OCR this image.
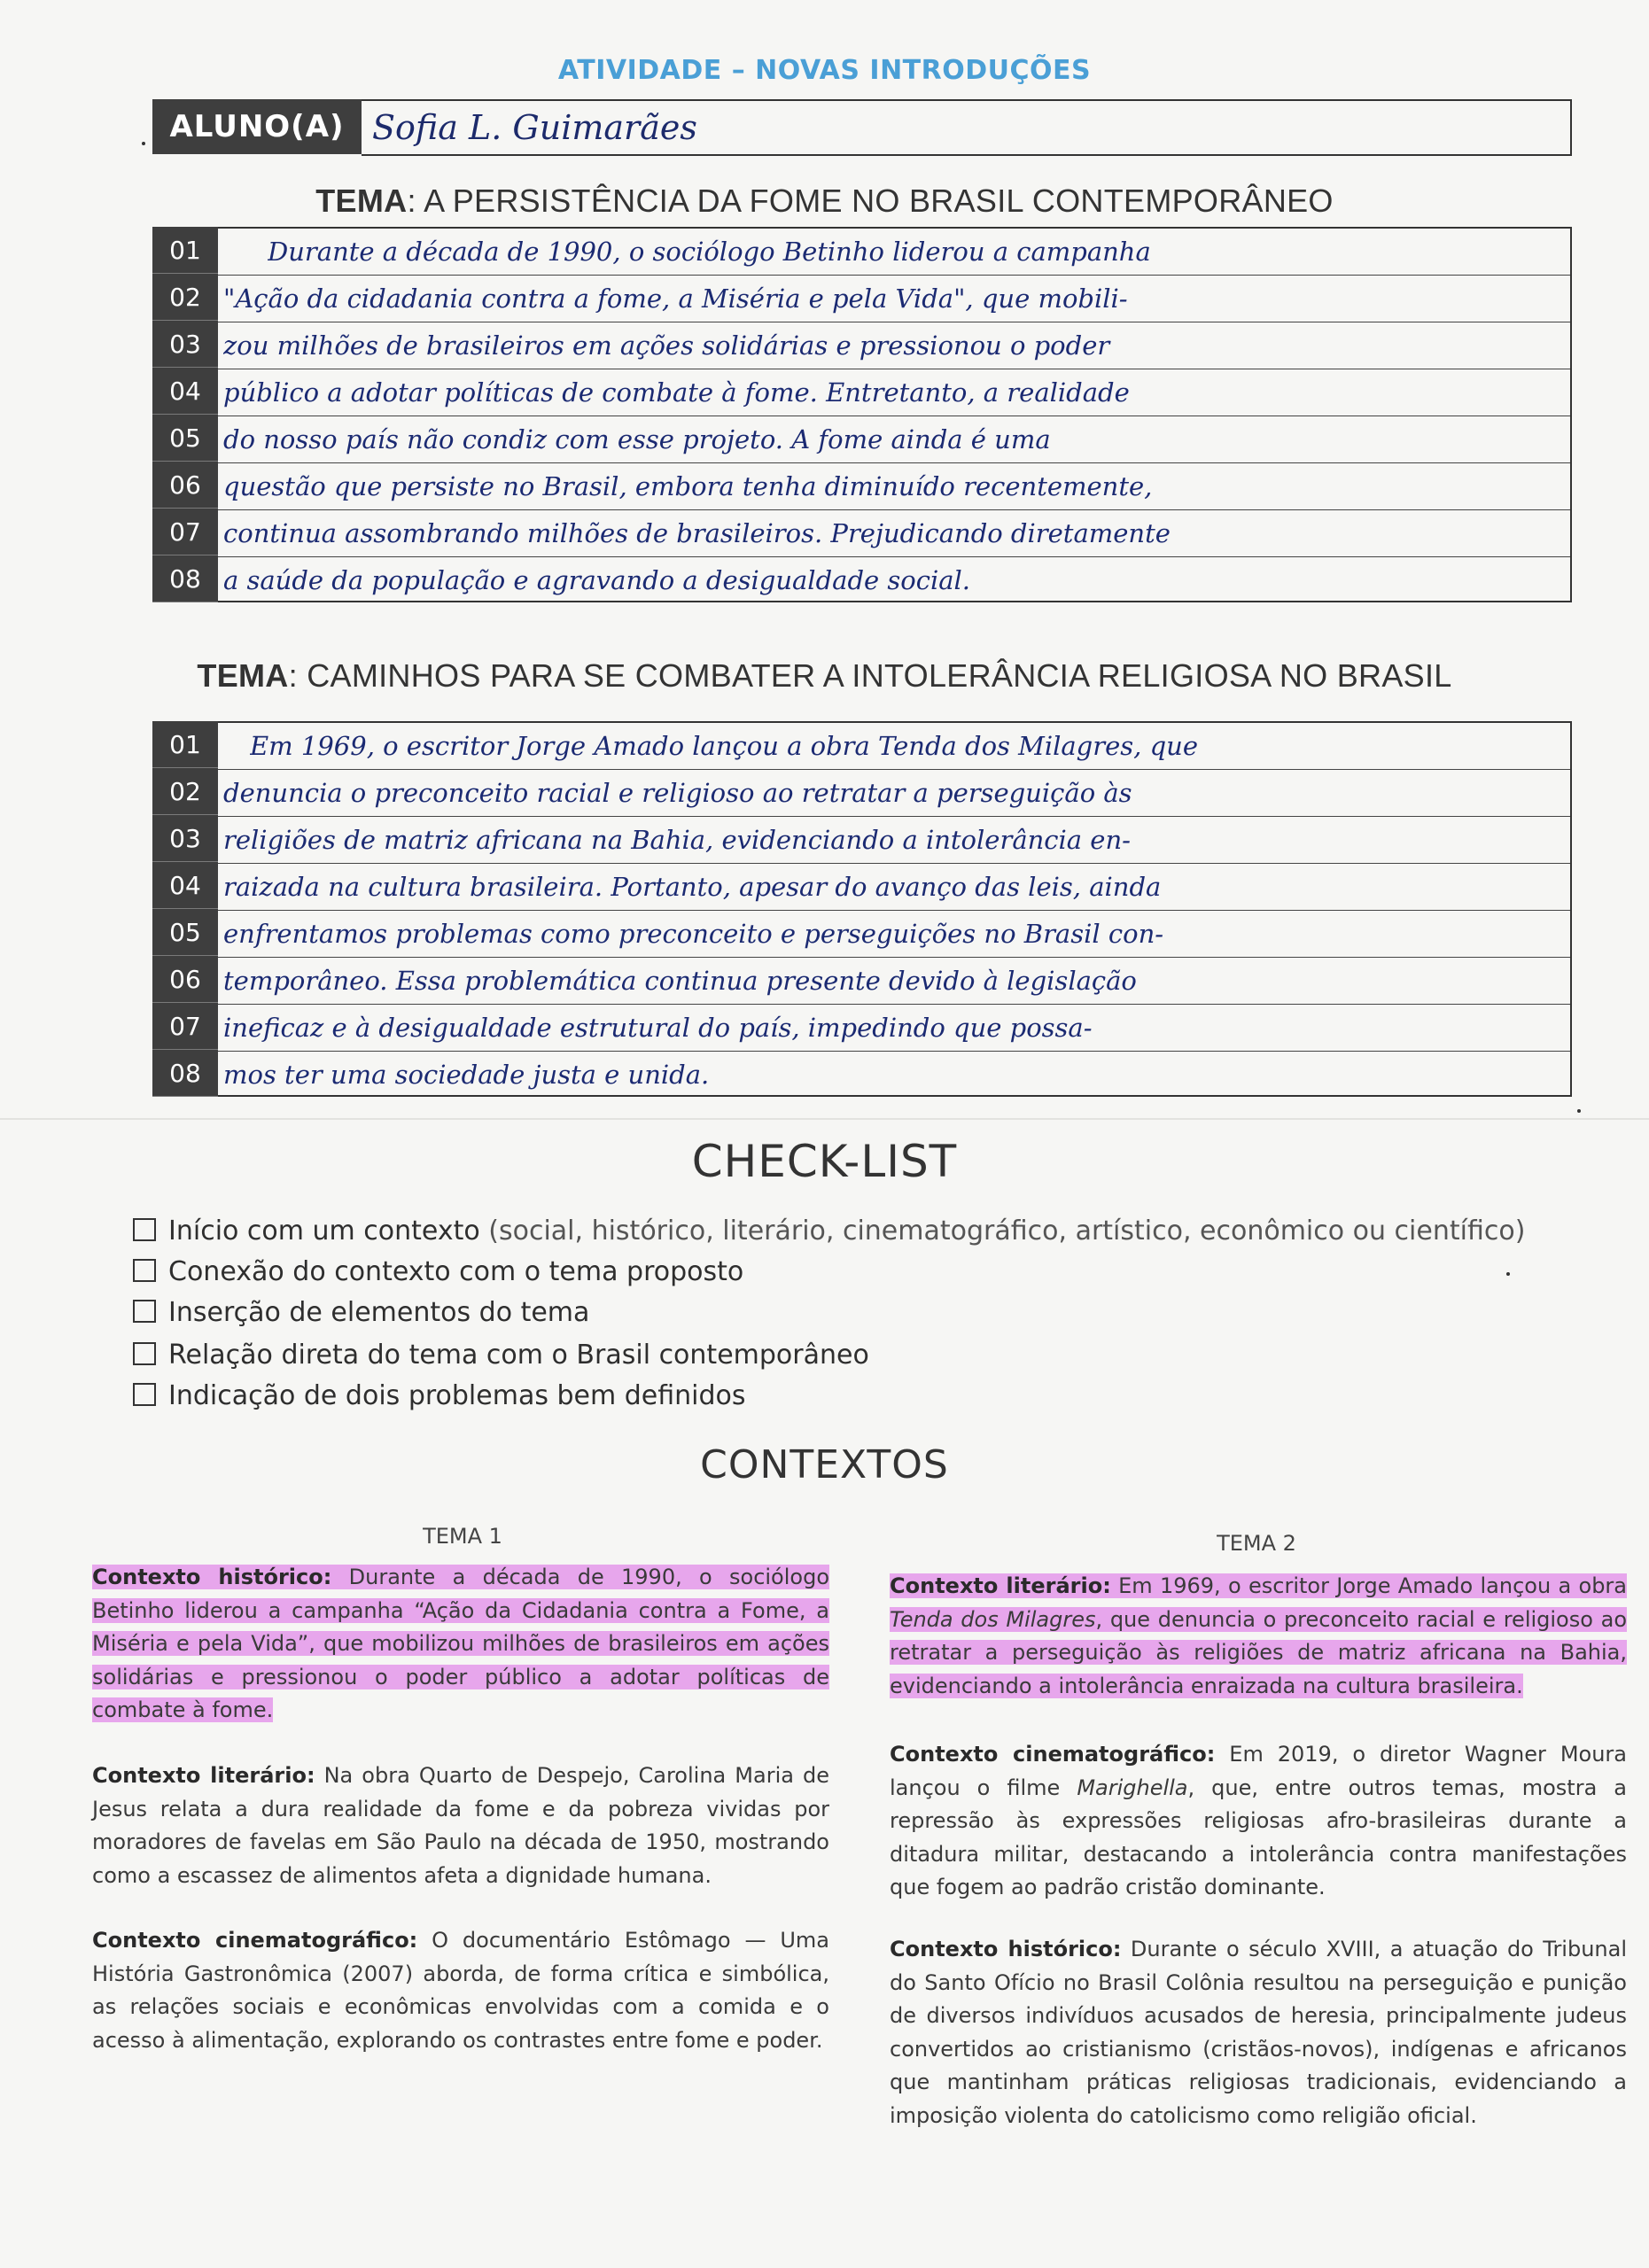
ATIVIDADE – NOVAS INTRODUÇÕES
ALUNO(A) Sofia L. Guimarães
TEMA: A PERSISTÊNCIA DA FOME NO BRASIL CONTEMPORÂNEO
01
02
03
04
05
06
07
08
Durante a década de 1990, o sociólogo Betinho liderou a campanha
"Ação da cidadania contra a fome, a Miséria e pela Vida", que mobili-
zou milhões de brasileiros em ações solidárias e pressionou o poder
público a adotar políticas de combate à fome. Entretanto, a realidade
do nosso país não condiz com esse projeto. A fome ainda é uma
questão que persiste no Brasil, embora tenha diminuído recentemente,
continua assombrando milhões de brasileiros. Prejudicando diretamente
a saúde da população e agravando a desigualdade social.
TEMA: CAMINHOS PARA SE COMBATER A INTOLERÂNCIA RELIGIOSA NO BRASIL
01
02
03
04
05
06
07
08
Em 1969, o escritor Jorge Amado lançou a obra Tenda dos Milagres, que
denuncia o preconceito racial e religioso ao retratar a perseguição às
religiões de matriz africana na Bahia, evidenciando a intolerância en-
raizada na cultura brasileira. Portanto, apesar do avanço das leis, ainda
enfrentamos problemas como preconceito e perseguições no Brasil con-
temporâneo. Essa problemática continua presente devido à legislação
ineficaz e à desigualdade estrutural do país, impedindo que possa-
mos ter uma sociedade justa e unida.
CHECK-LIST
Início com um contexto (social, histórico, literário, cinematográfico, artístico, econômico ou científico)
Conexão do contexto com o tema proposto
Inserção de elementos do tema
Relação direta do tema com o Brasil contemporâneo
Indicação de dois problemas bem definidos
CONTEXTOS
TEMA 1	TEMA 2
Contexto histórico: Durante a década de 1990, o sociólogo Betinho liderou a campanha “Ação da Cidadania contra a Fome, a Miséria e pela Vida”, que mobilizou milhões de brasileiros em ações solidárias e pressionou o poder público a adotar políticas de combate à fome.
Contexto literário: Na obra Quarto de Despejo, Carolina Maria de Jesus relata a dura realidade da fome e da pobreza vividas por moradores de favelas em São Paulo na década de 1950, mostrando como a escassez de alimentos afeta a dignidade humana.
Contexto cinematográfico: O documentário Estômago — Uma História Gastronômica (2007) aborda, de forma crítica e simbólica, as relações sociais e econômicas envolvidas com a comida e o acesso à alimentação, explorando os contrastes entre fome e poder.
Contexto literário: Em 1969, o escritor Jorge Amado lançou a obra Tenda dos Milagres, que denuncia o preconceito racial e religioso ao retratar a perseguição às religiões de matriz africana na Bahia, evidenciando a intolerância enraizada na cultura brasileira.
Contexto cinematográfico: Em 2019, o diretor Wagner Moura lançou o filme Marighella, que, entre outros temas, mostra a repressão às expressões religiosas afro-brasileiras durante a ditadura militar, destacando a intolerância contra manifestações que fogem ao padrão cristão dominante.
Contexto histórico: Durante o século XVIII, a atuação do Tribunal do Santo Ofício no Brasil Colônia resultou na perseguição e punição de diversos indivíduos acusados de heresia, principalmente judeus convertidos ao cristianismo (cristãos-novos), indígenas e africanos que mantinham práticas religiosas tradicionais, evidenciando a imposição violenta do catolicismo como religião oficial.
